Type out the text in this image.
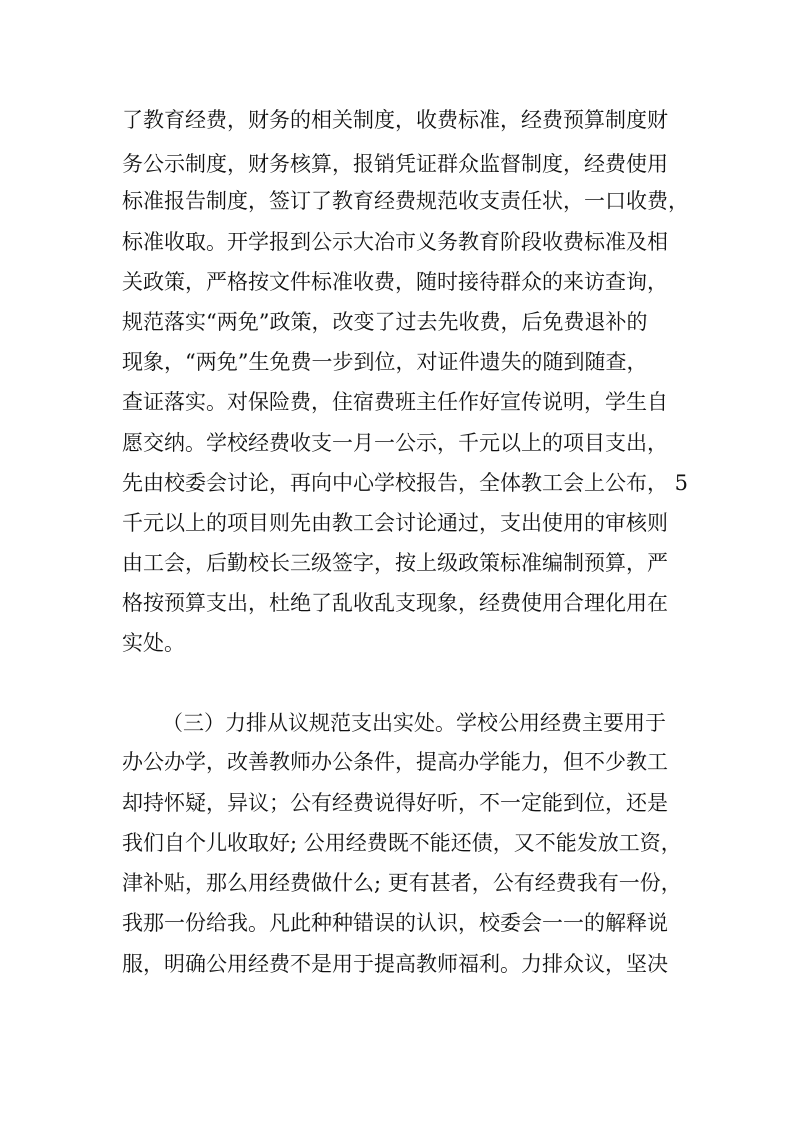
了教育经费，财务的相关制度，收费标准，经费预算制度财
务公示制度，财务核算，报销凭证群众监督制度，经费使用
标准报告制度，签订了教育经费规范收支责任状，一口收费，
标准收取。开学报到公示大冶市义务教育阶段收费标准及相
关政策，严格按文件标准收费，随时接待群众的来访查询，
规范落实“两免”政策，改变了过去先收费，后免费退补的
现象，“两免”生免费一步到位，对证件遗失的随到随查，
查证落实。对保险费，住宿费班主任作好宣传说明，学生自
愿交纳。学校经费收支一月一公示，千元以上的项目支出，
先由校委会讨论，再向中心学校报告，全体教工会上公布， 5
千元以上的项目则先由教工会讨论通过，支出使用的审核则
由工会，后勤校长三级签字，按上级政策标准编制预算，严
格按预算支出，杜绝了乱收乱支现象，经费使用合理化用在
实处。
（三）力排从议规范支出实处。学校公用经费主要用于
办公办学，改善教师办公条件，提高办学能力，但不少教工
却持怀疑，异议；公有经费说得好听，不一定能到位，还是
我们自个儿收取好; 公用经费既不能还债，又不能发放工资，
津补贴，那么用经费做什么; 更有甚者，公有经费我有一份，
我那一份给我。凡此种种错误的认识，校委会一一的解释说
服，明确公用经费不是用于提高教师福利。力排众议，坚决
